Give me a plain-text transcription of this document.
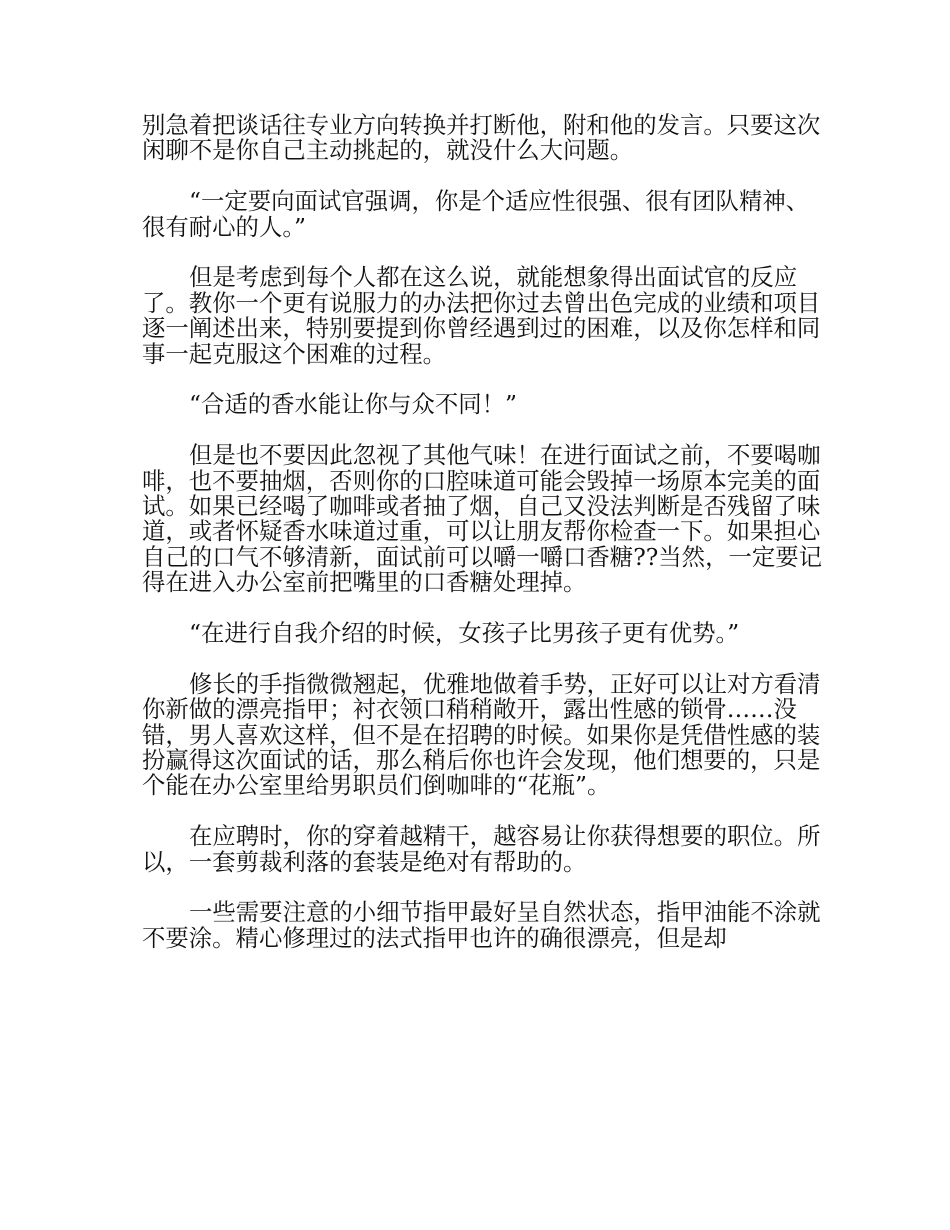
别急着把谈话往专业方向转换并打断他，附和他的发言。只要这次闲聊不是你自己主动挑起的，就没什么大问题。

“一定要向面试官强调，你是个适应性很强、很有团队精神、很有耐心的人。”

但是考虑到每个人都在这么说，就能想象得出面试官的反应了。教你一个更有说服力的办法把你过去曾出色完成的业绩和项目逐一阐述出来，特别要提到你曾经遇到过的困难，以及你怎样和同事一起克服这个困难的过程。

“合适的香水能让你与众不同！”

但是也不要因此忽视了其他气味！在进行面试之前，不要喝咖啡，也不要抽烟，否则你的口腔味道可能会毁掉一场原本完美的面试。如果已经喝了咖啡或者抽了烟，自己又没法判断是否残留了味道，或者怀疑香水味道过重，可以让朋友帮你检查一下。如果担心自己的口气不够清新，面试前可以嚼一嚼口香糖??当然，一定要记得在进入办公室前把嘴里的口香糖处理掉。

“在进行自我介绍的时候，女孩子比男孩子更有优势。”

修长的手指微微翘起，优雅地做着手势，正好可以让对方看清你新做的漂亮指甲；衬衣领口稍稍敞开，露出性感的锁骨……没错，男人喜欢这样，但不是在招聘的时候。如果你是凭借性感的装扮赢得这次面试的话，那么稍后你也许会发现，他们想要的，只是个能在办公室里给男职员们倒咖啡的“花瓶”。

在应聘时，你的穿着越精干，越容易让你获得想要的职位。所以，一套剪裁利落的套装是绝对有帮助的。

一些需要注意的小细节指甲最好呈自然状态，指甲油能不涂就不要涂。精心修理过的法式指甲也许的确很漂亮，但是却
